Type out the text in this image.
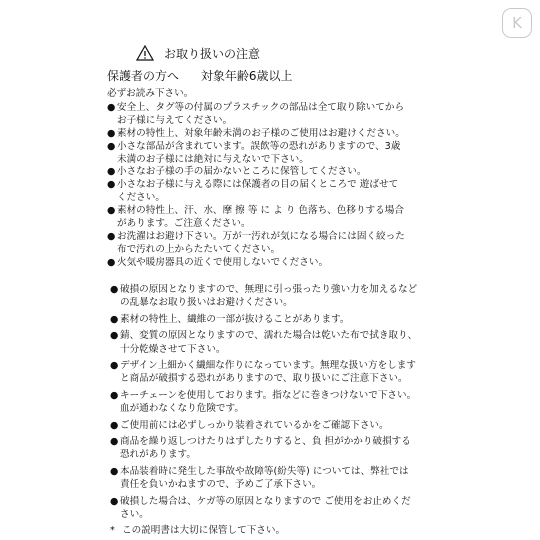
K
お取り扱いの注意
保護者の方へ 対象年齢6歳以上
必ずお読み下さい。
● 安全上、タグ等の付属のプラスチックの部品は全て取り除いてからお子様に与えてください。
● 素材の特性上、対象年齢未満のお子様のご使用はお避けください。
● 小さな部品が含まれています。誤飲等の恐れがありますので、3歳未満のお子様には絶対に与えないで下さい。
● 小さなお子様の手の届かないところに保管してください。
● 小さなお子様に与える際には保護者の目の届くところで 遊ばせてください。
● 素材の特性上、汗、水、摩 擦 等 に よ り 色落ち、色移りする場合があります。ご注意ください。
● お洗濯はお避け下さい。万が一汚れが気になる場合には固く絞った布で汚れの上からたたいてください。
● 火気や暖房器具の近くで使用しないでください。
● 破損の原因となりますので、無理に引っ張ったり強い力を加えるなどの乱暴なお取り扱いはお避けください。
● 素材の特性上、繊維の一部が抜けることがあります。
● 錆、変質の原因となりますので、濡れた場合は乾いた布で拭き取り、十分乾燥させて下さい。
● デザイン上細かく繊細な作りになっています。無理な扱い方をしますと商品が破損する恐れがありますので、取り扱いにご注意下さい。
● キーチェーンを使用しております。指などに巻きつけないで下さい。血が通わなくなり危険です。
● ご使用前には必ずしっかり装着されているかをご確認下さい。
● 商品を繰り返しつけたりはずしたりすると、負 担がかかり破損する恐れがあります。
● 本品装着時に発生した事故や故障等(紛失等) については、弊社では責任を負いかねますので、予めご了承下さい。
● 破損した場合は、ケガ等の原因となりますので ご使用をお止めください。
* この説明書は大切に保管して下さい。
